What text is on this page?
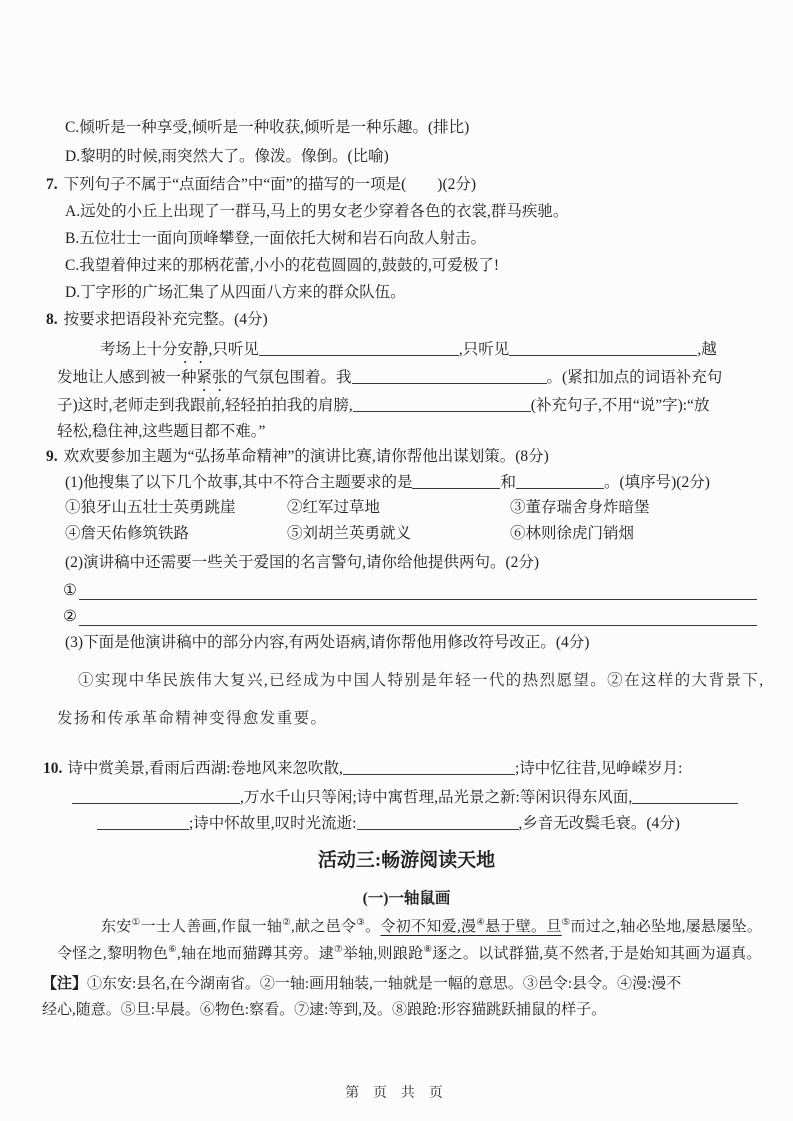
C.倾听是一种享受,倾听是一种收获,倾听是一种乐趣。(排比)
D.黎明的时候,雨突然大了。像泼。像倒。(比喻)
7. 下列句子不属于“点面结合”中“面”的描写的一项是(　　)(2分)
A.远处的小丘上出现了一群马,马上的男女老少穿着各色的衣裳,群马疾驰。
B.五位壮士一面向顶峰攀登,一面依托大树和岩石向敌人射击。
C.我望着伸过来的那柄花蕾,小小的花苞圆圆的,鼓鼓的,可爱极了!
D.丁字形的广场汇集了从四面八方来的群众队伍。
8. 按要求把语段补充完整。(4分)
考场上十分安静,只听见	,只听见	,越
发地让人感到被一种紧张的气氛包围着。我	。(紧扣加点的词语补充句
子)这时,老师走到我跟前,轻轻拍拍我的肩膀,	(补充句子,不用“说”字):“放
轻松,稳住神,这些题目都不难。”
9. 欢欢要参加主题为“弘扬革命精神”的演讲比赛,请你帮他出谋划策。(8分)
(1)他搜集了以下几个故事,其中不符合主题要求的是	和	。(填序号)(2分)
①狼牙山五壮士英勇跳崖	②红军过草地	③董存瑞舍身炸暗堡
④詹天佑修筑铁路	⑤刘胡兰英勇就义	⑥林则徐虎门销烟
(2)演讲稿中还需要一些关于爱国的名言警句,请你给他提供两句。(2分)
①
②
(3)下面是他演讲稿中的部分内容,有两处语病,请你帮他用修改符号改正。(4分)
①实现中华民族伟大复兴,已经成为中国人特别是年轻一代的热烈愿望。②在这样的大背景下,
发扬和传承革命精神变得愈发重要。
10. 诗中赏美景,看雨后西湖:卷地风来忽吹散,	;诗中忆往昔,见峥嵘岁月:
,万水千山只等闲;诗中寓哲理,品光景之新:等闲识得东风面,
;诗中怀故里,叹时光流逝:	,乡音无改鬓毛衰。(4分)
活动三:畅游阅读天地
(一)一轴鼠画
东安①一士人善画,作鼠一轴②,献之邑令③。令初不知爱,漫④悬于壁。旦⑤而过之,轴必坠地,屡悬屡坠。
令怪之,黎明物色⑥,轴在地而猫蹲其旁。逮⑦举轴,则踉跄⑧逐之。以试群猫,莫不然者,于是始知其画为逼真。
【注】①东安:县名,在今湖南省。②一轴:画用轴装,一轴就是一幅的意思。③邑令:县令。④漫:漫不
经心,随意。⑤旦:早晨。⑥物色:察看。⑦逮:等到,及。⑧踉跄:形容猫跳跃捕鼠的样子。
第 页 共 页
